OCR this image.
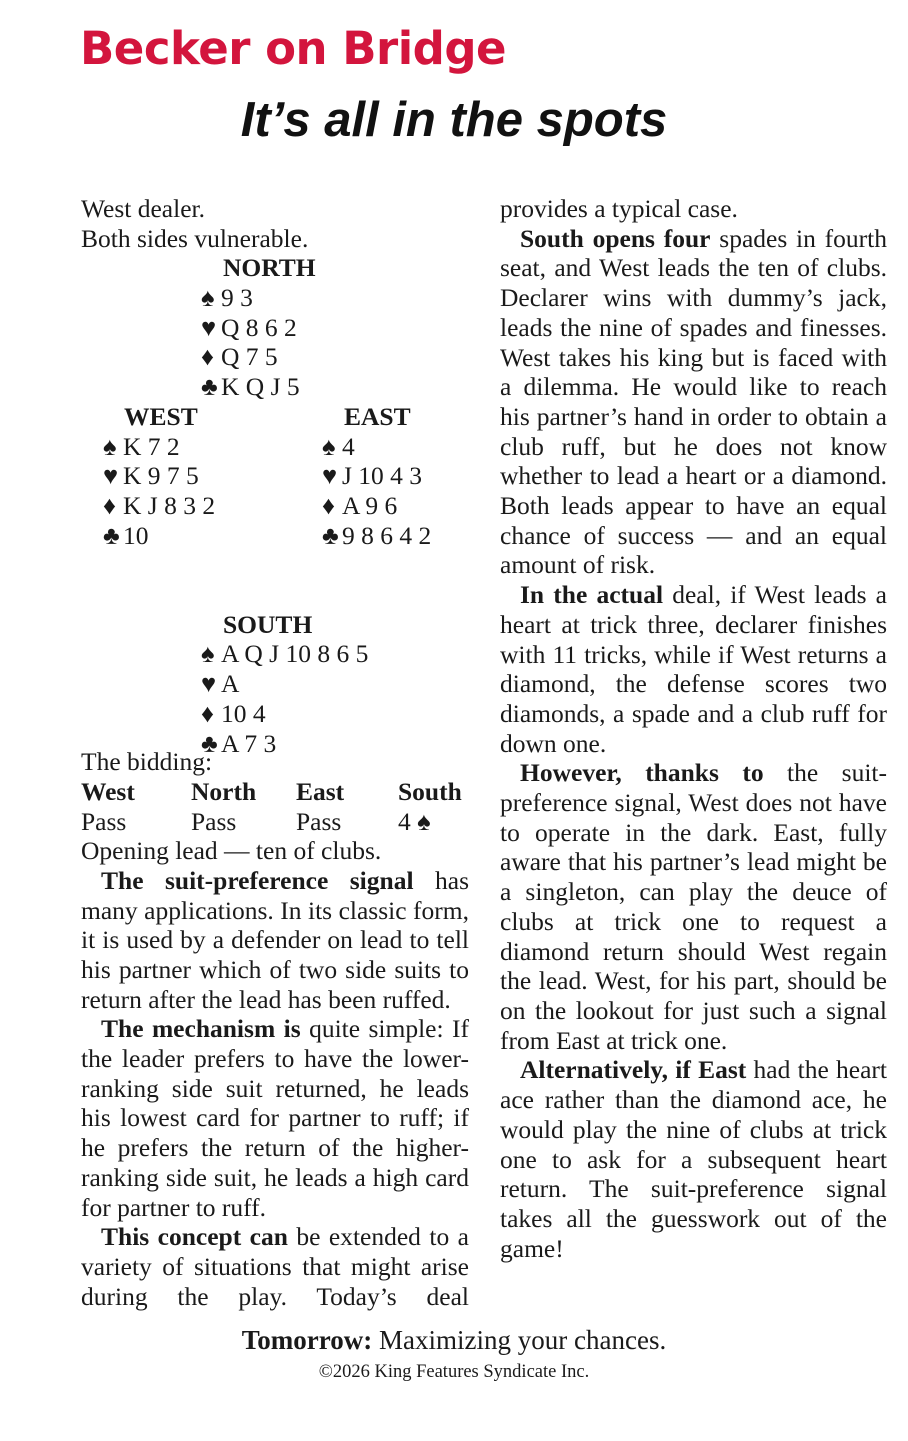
Becker on Bridge
It’s all in the spots

West dealer.

Both sides vulnerable.

NORTH
♠ 9 3
♥ Q 8 6 2
♦ Q 7 5
♣ K Q J 5
WEST
♠ K 7 2
♥ K 9 7 5
♦ K J 8 3 2
♣ 10
EAST
♠ 4
♥ J 10 4 3
♦ A 9 6
♣ 9 8 6 4 2
SOUTH
♠ A Q J 10 8 6 5
♥ A
♦ 10 4
♣ A 7 3

The bidding:

West North East South
Pass	Pass Pass 4 ♠

Opening lead — ten of clubs.

The suit-preference signal has many applications. In its classic form, it is used by a defender on lead to tell his partner which of two side suits to return after the lead has been ruffed.

The mechanism is quite simple: If the leader prefers to have the lower-ranking side suit returned, he leads his lowest card for partner to ruff; if he prefers the return of the higher-ranking side suit, he leads a high card for partner to ruff.

This concept can be extended to a variety of situations that might arise during the play. Today’s deal

provides a typical case.

South opens four spades in fourth seat, and West leads the ten of clubs. Declarer wins with dummy’s jack, leads the nine of spades and finesses. West takes his king but is faced with a dilemma. He would like to reach his partner’s hand in order to obtain a club ruff, but he does not know whether to lead a heart or a diamond. Both leads appear to have an equal chance of success — and an equal amount of risk.

In the actual deal, if West leads a heart at trick three, declarer finishes with 11 tricks, while if West returns a diamond, the defense scores two diamonds, a spade and a club ruff for down one.

However, thanks to the suit-preference signal, West does not have to operate in the dark. East, fully aware that his partner’s lead might be a singleton, can play the deuce of clubs at trick one to request a diamond return should West regain the lead. West, for his part, should be on the lookout for just such a signal from East at trick one.

Alternatively, if East had the heart ace rather than the diamond ace, he would play the nine of clubs at trick one to ask for a subsequent heart return. The suit-preference signal takes all the guesswork out of the game!

Tomorrow: Maximizing your chances.
©2026 King Features Syndicate Inc.
